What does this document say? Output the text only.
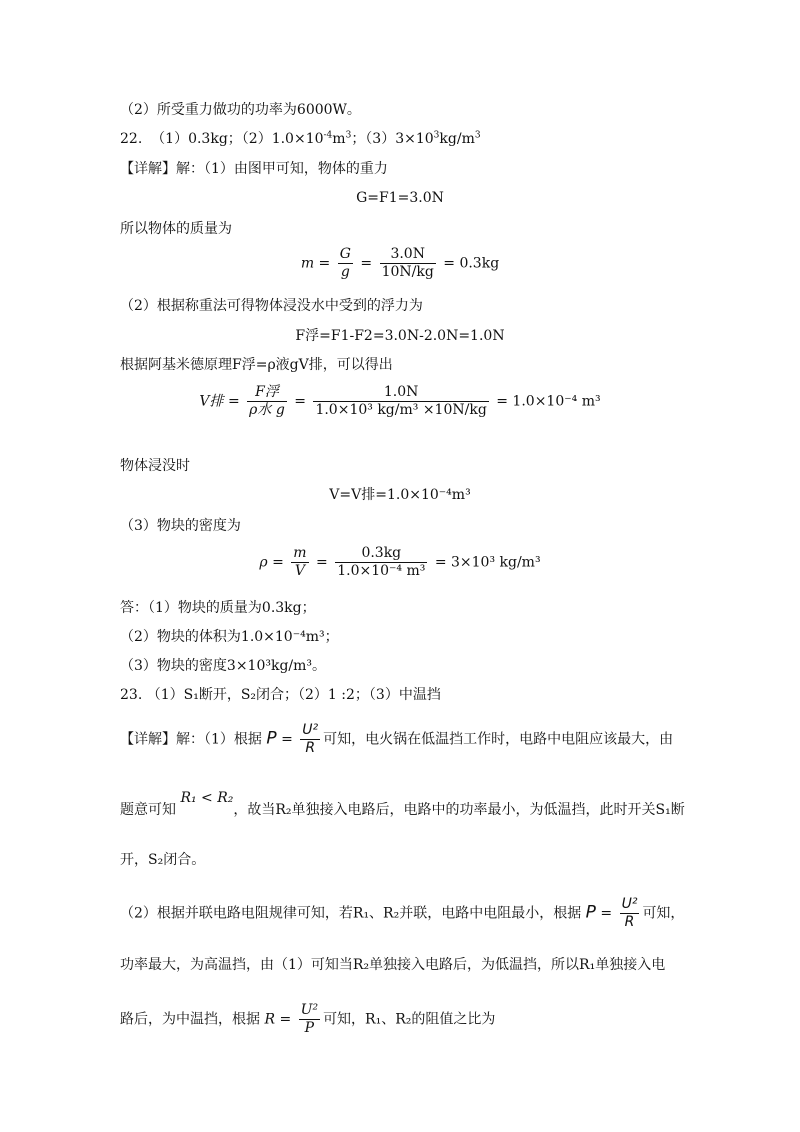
（2）所受重力做功的功率为6000W。
22. （1）0.3kg；$(2)1.0\times 10^{-4}m^3$；$(3)3\times 10^3kg/m^3$
【详解】解：（1）由图甲可知，物体的重力
G=F1=3.0N
所以物体的质量为
$m = \frac{G}{g} = \frac{3.0N}{10N/kg} = 0.3kg$
（2）根据称重法可得物体浸没水中受到的浮力为
F浮=F1-F2=3.0N-2.0N=1.0N
根据阿基米德原理F浮=ρ液gV排，可以得出
V排 = $\frac{\text{F浮}}{\text{ρ水 g}} = \frac{1.0N}{\text{1.0×10³ kg/m³ ×10N/kg}} = 1.0\times 10^{-4}$ m³
物体浸没时
V=V排=1.0×10⁻⁴m³
（3）物块的密度为
$\rho = \frac{m}{V} = \frac{0.3kg}{\text{1.0×10⁻⁴ m³}} = 3\times 10^3$ kg/m³
答：（1）物块的质量为0.3kg；
（2）物块的体积为1.0×10⁻⁴m³；
（3）物块的密度3×10³kg/m³。
23. （1）S₁断开，S₂闭合；（2）1 :2；（3）中温挡
【详解】解：（1）根据 $P = \frac{\text{U²}}{R}$ 可知，电火锅在低温挡工作时，电路中电阻应该最大，由
题意可知 R₁ < R₂，故当R₂单独接入电路后，电路中的功率最小，为低温挡，此时开关S₁断
开，S₂闭合。
（2）根据并联电路电阻规律可知，若R₁、R₂并联，电路中电阻最小，根据 $P = \frac{\text{U²}}{R}$ 可知，
功率最大，为高温挡，由（1）可知当R₂单独接入电路后，为低温挡，所以R₁单独接入电
路后，为中温挡，根据 $R = \frac{\text{U²}}{P}$ 可知，R₁、R₂的阻值之比为
